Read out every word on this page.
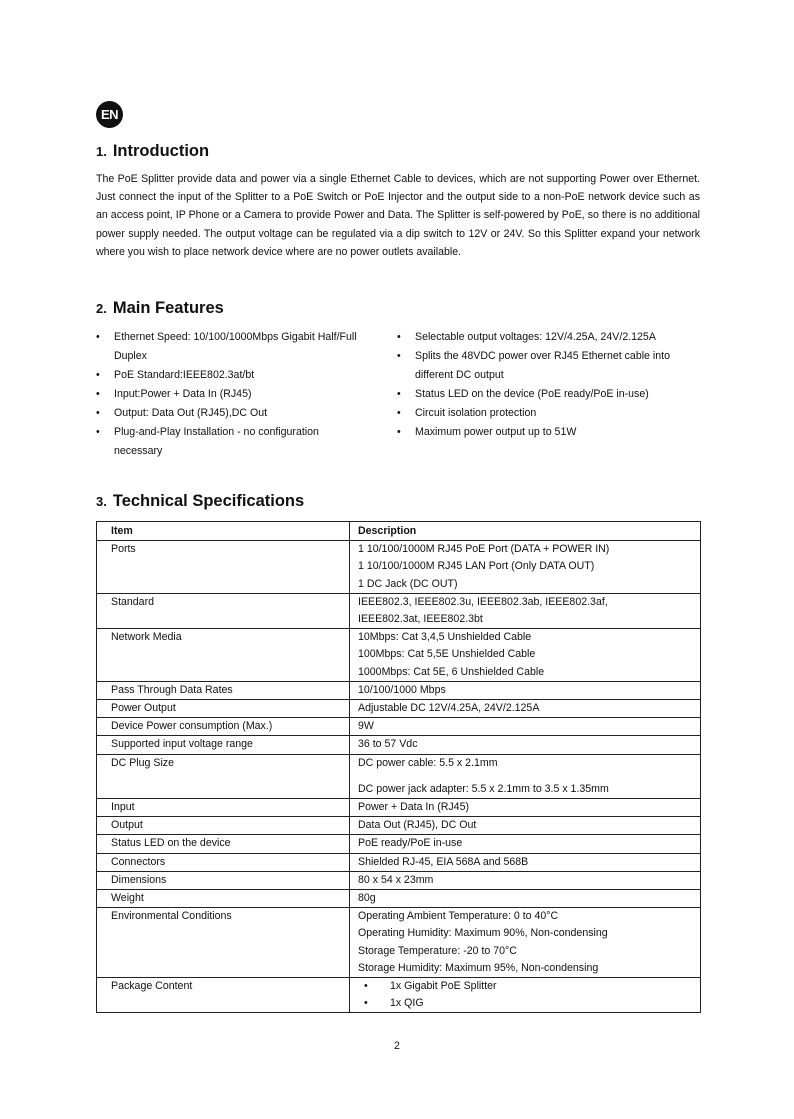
EN
1. Introduction
The PoE Splitter provide data and power via a single Ethernet Cable to devices, which are not supporting Power over Ethernet. Just connect the input of the Splitter to a PoE Switch or PoE Injector and the output side to a non-PoE network device such as an access point, IP Phone or a Camera to provide Power and Data. The Splitter is self-powered by PoE, so there is no additional power supply needed. The output voltage can be regulated via a dip switch to 12V or 24V. So this Splitter expand your network where you wish to place network device where are no power outlets available.
2. Main Features
• Ethernet Speed: 10/100/1000Mbps Gigabit Half/Full Duplex
• PoE Standard:IEEE802.3at/bt
• Input:Power + Data In (RJ45)
• Output: Data Out (RJ45),DC Out
• Plug-and-Play Installation - no configuration necessary
• Selectable output voltages: 12V/4.25A, 24V/2.125A
• Splits the 48VDC power over RJ45 Ethernet cable into different DC output
• Status LED on the device (PoE ready/PoE in-use)
• Circuit isolation protection
• Maximum power output up to 51W
3. Technical Specifications
Item	Description
Ports	1 10/100/1000M RJ45 PoE Port (DATA + POWER IN)
1 10/100/1000M RJ45 LAN Port (Only DATA OUT)
1 DC Jack (DC OUT)

Standard	IEEE802.3, IEEE802.3u, IEEE802.3ab, IEEE802.3af,
IEEE802.3at, IEEE802.3bt

Network Media	10Mbps: Cat 3,4,5 Unshielded Cable
100Mbps: Cat 5,5E Unshielded Cable
1000Mbps: Cat 5E, 6 Unshielded Cable

Pass Through Data Rates	10/100/1000 Mbps

Power Output	Adjustable DC 12V/4.25A, 24V/2.125A

Device Power consumption (Max.)	9W

Supported input voltage range	36 to 57 Vdc

DC Plug Size	DC power cable: 5.5 x 2.1mm
DC power jack adapter: 5.5 x 2.1mm to 3.5 x 1.35mm

Input	Power + Data In (RJ45)

Output	Data Out (RJ45), DC Out

Status LED on the device	PoE ready/PoE in-use

Connectors	Shielded RJ-45, EIA 568A and 568B

Dimensions	80 x 54 x 23mm

Weight	80g

Environmental Conditions	Operating Ambient Temperature: 0 to 40°C
Operating Humidity: Maximum 90%, Non-condensing
Storage Temperature: -20 to 70°C
Storage Humidity: Maximum 95%, Non-condensing

Package Content	• 1x Gigabit PoE Splitter
• 1x QIG
2
